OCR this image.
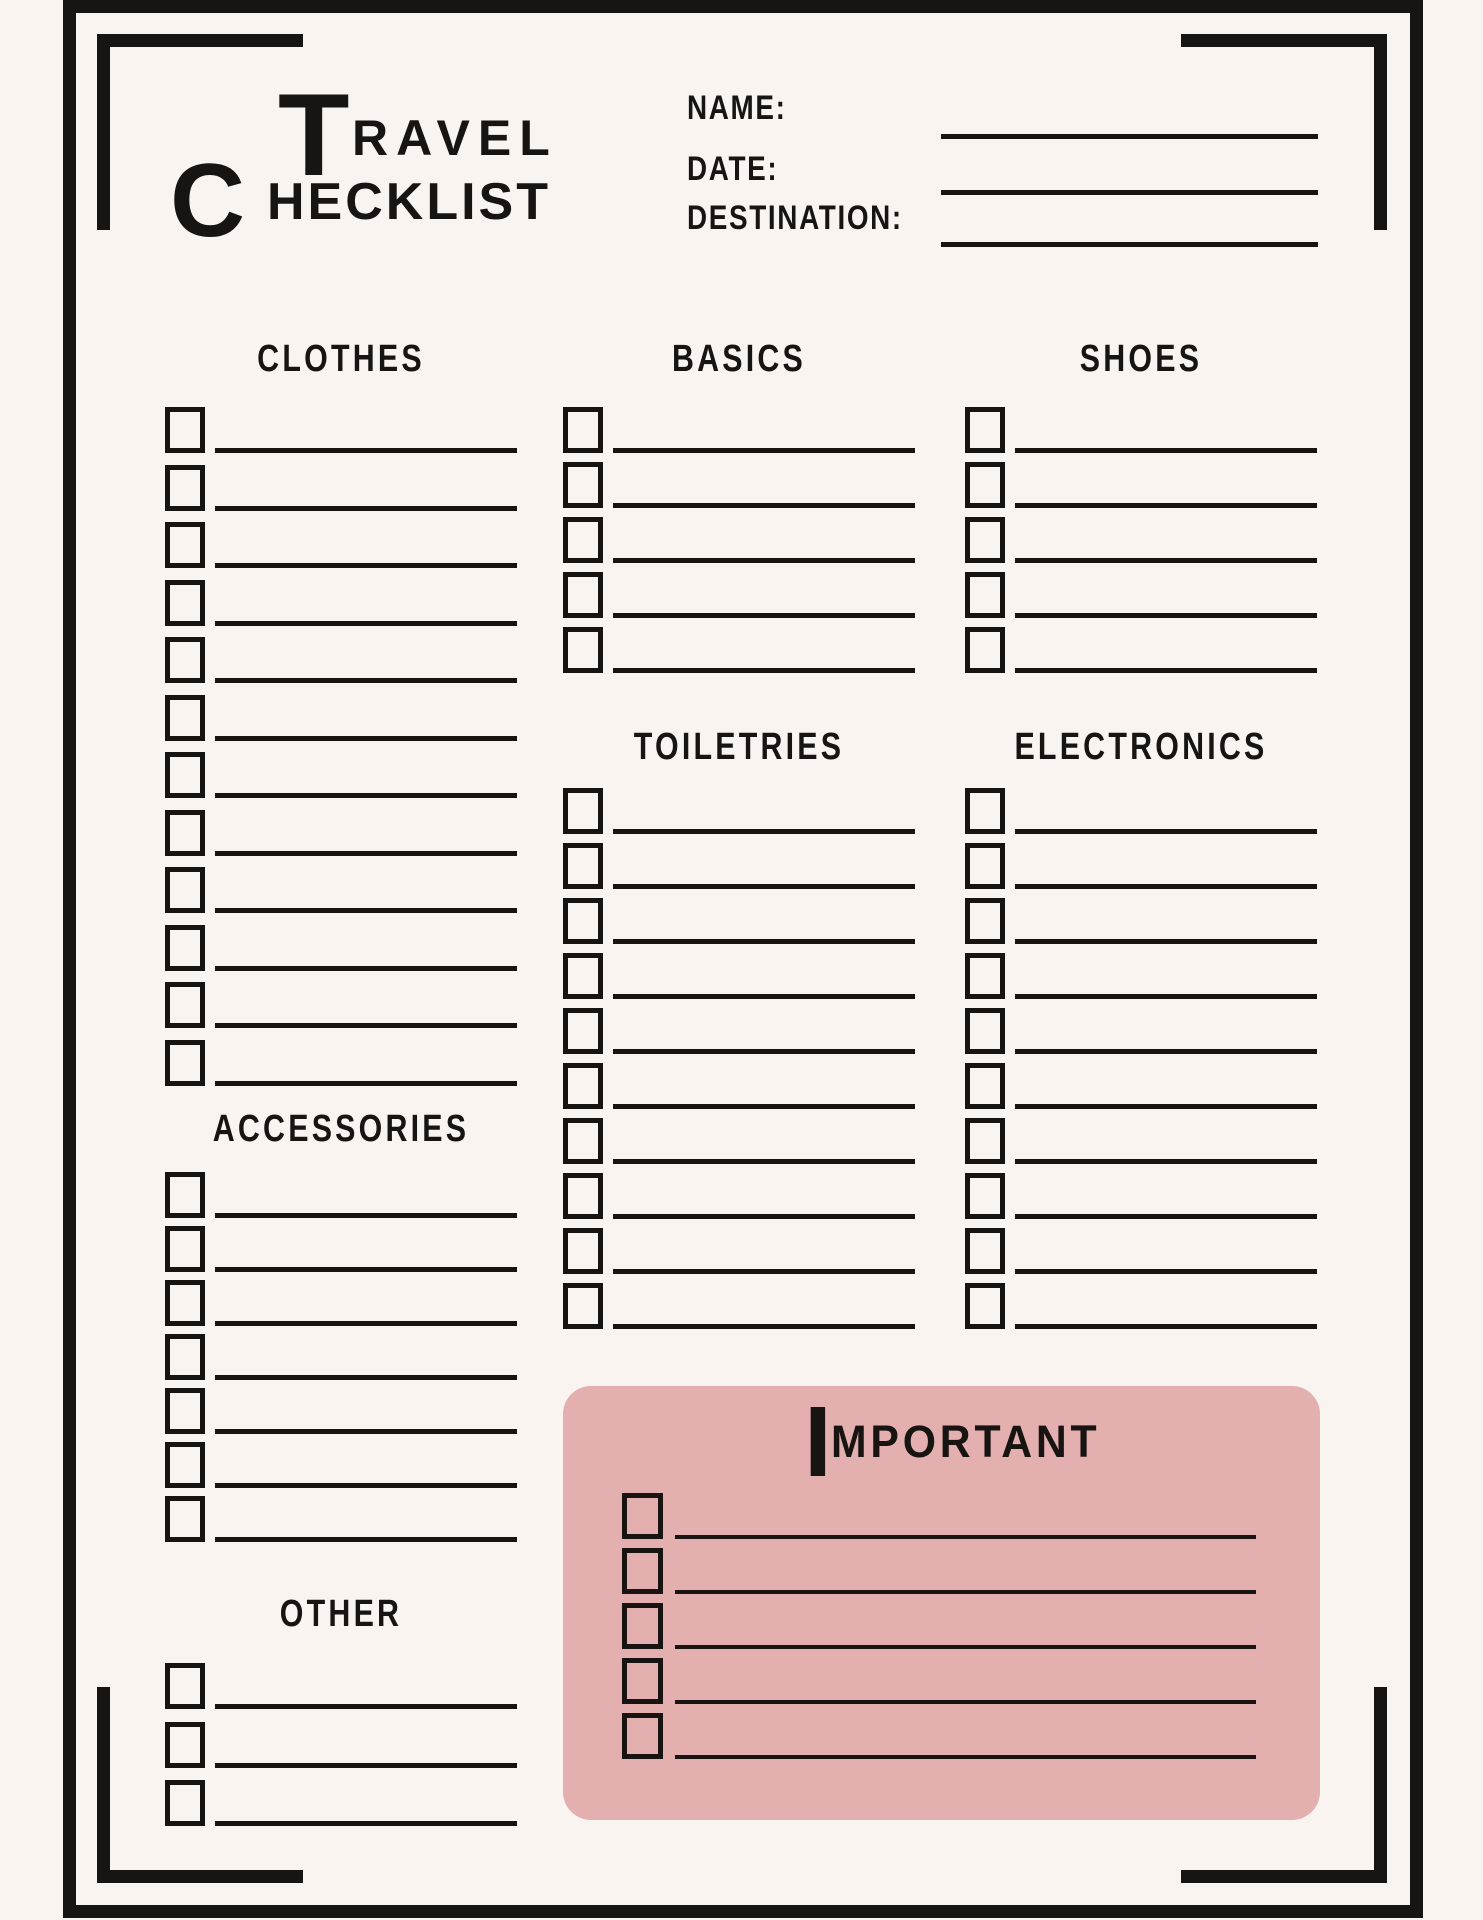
T RAVEL
C HECKLIST
NAME:
DATE:
DESTINATION:
CLOTHES	BASICS	SHOES
TOILETRIES	ELECTRONICS
ACCESSORIES
OTHER
I MPORTANT
